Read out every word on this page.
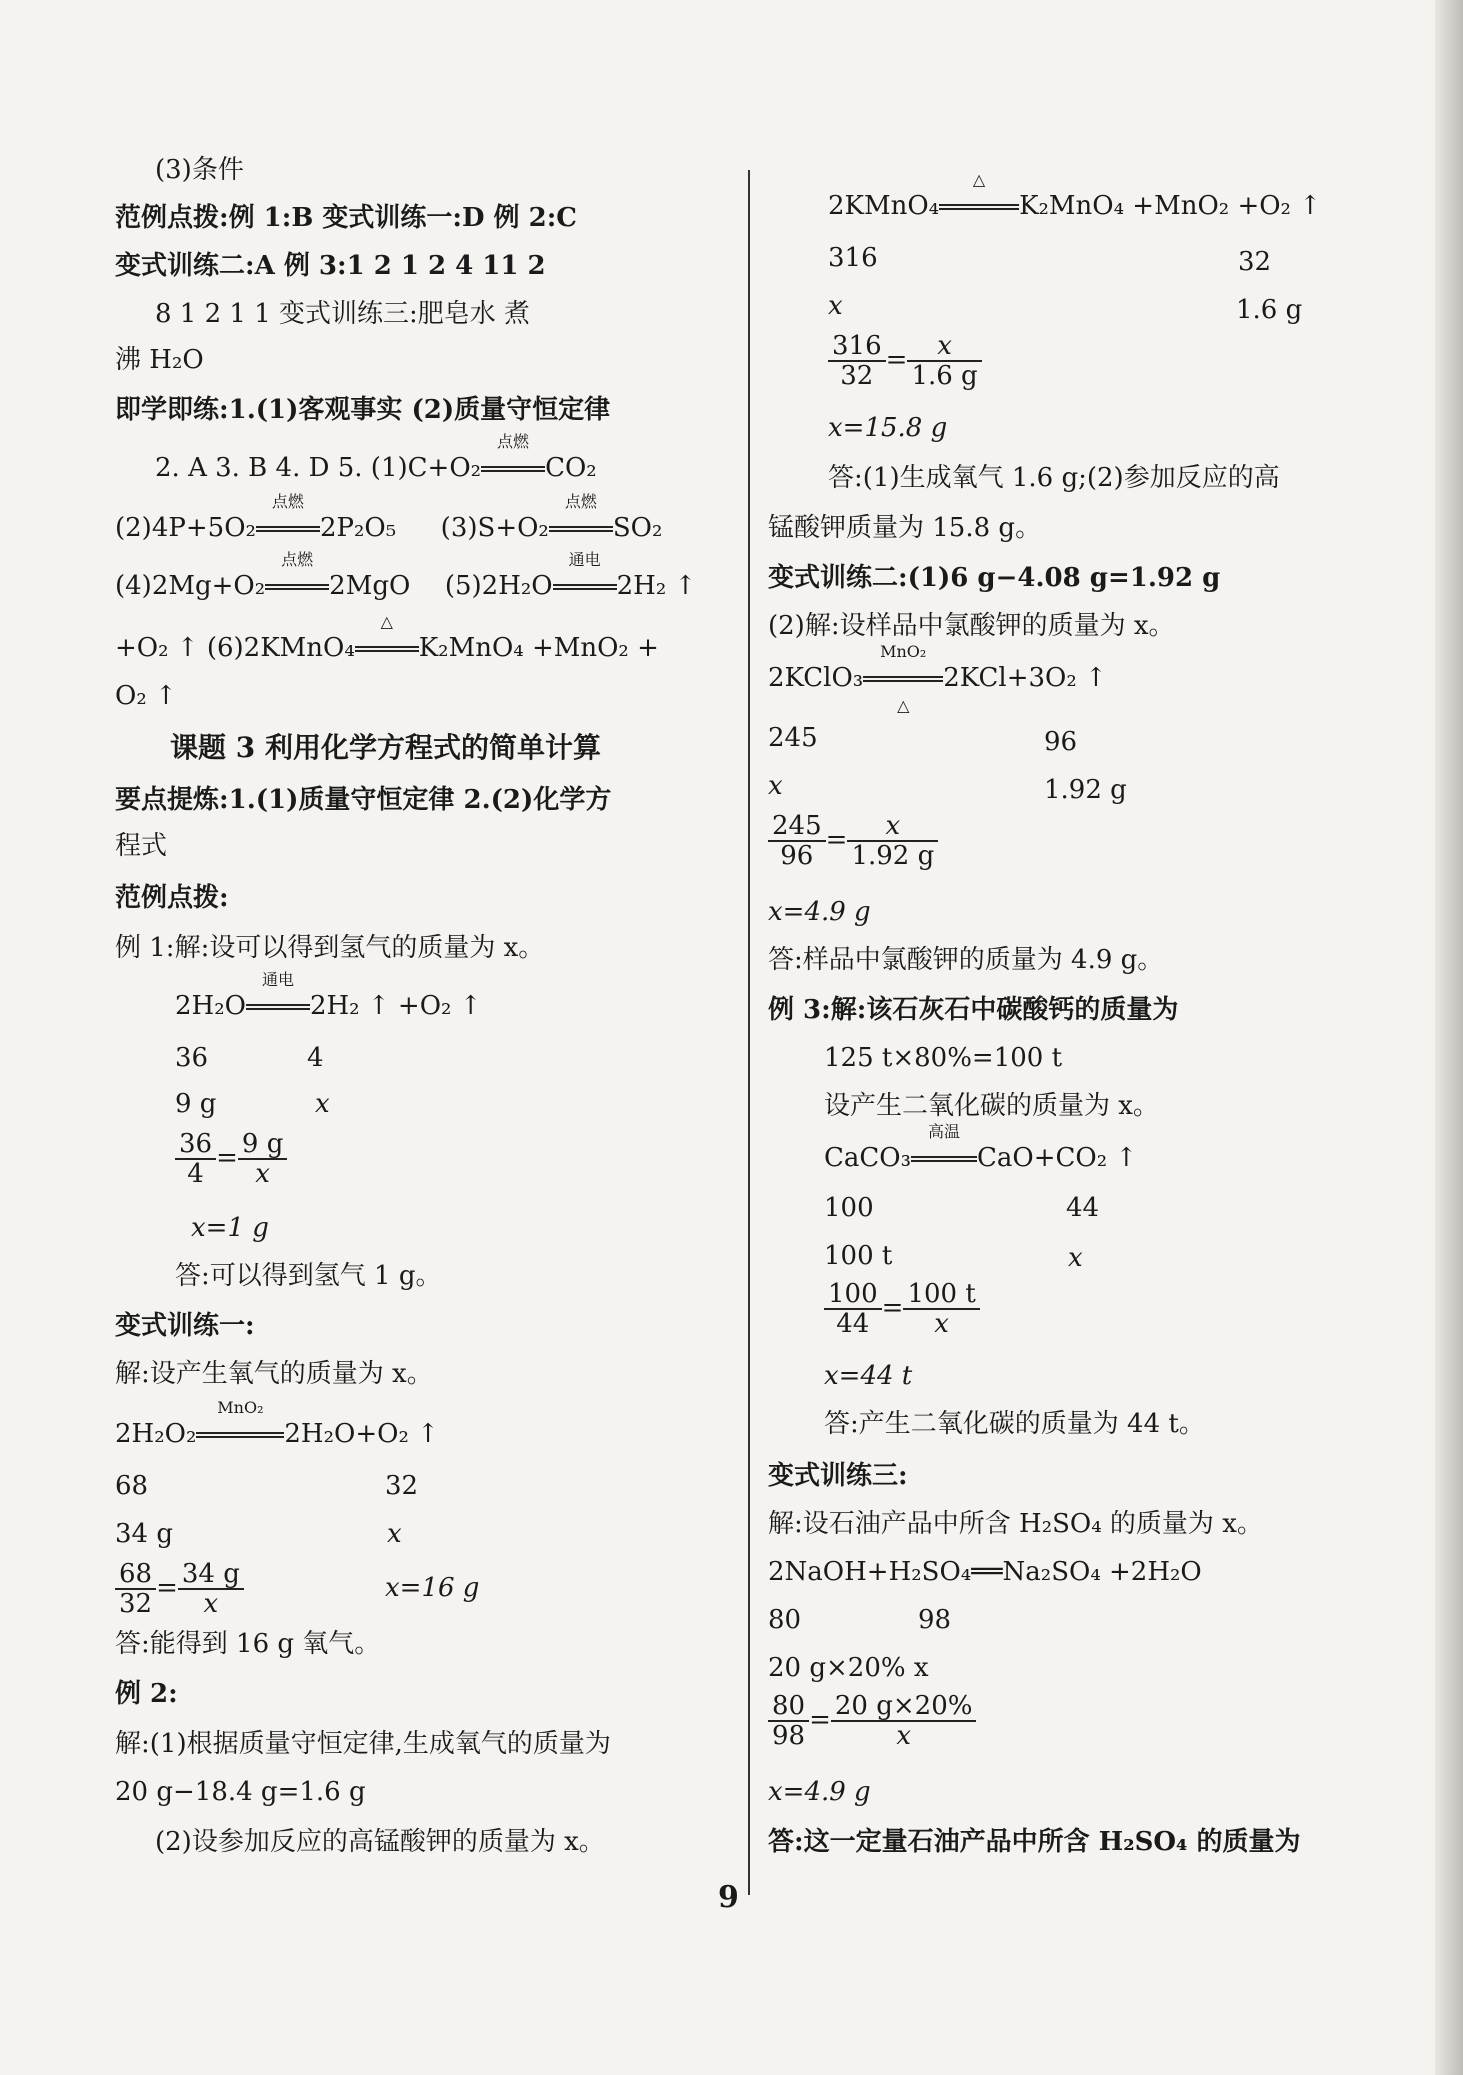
(3)条件
范例点拨:例 1:B 变式训练一:D 例 2:C
变式训练二:A 例 3:1 2 1 2 4 11 2
8 1 2 1 1 变式训练三:肥皂水 煮
沸 H₂O
即学即练:1.(1)客观事实 (2)质量守恒定律
2. A 3. B 4. D 5. (1)C+O₂
点燃
CO₂
(2)4P+5O₂
点燃
2P₂O₅ (3)S+O₂
点燃
SO₂
(4)2Mg+O₂
点燃
2MgO (5)2H₂O
通电
2H₂ ↑
+O₂ ↑ (6)2KMnO₄
△
K₂MnO₄ +MnO₂ +
O₂ ↑
课题 3 利用化学方程式的简单计算
要点提炼:1.(1)质量守恒定律 2.(2)化学方
程式
范例点拨:
例 1:解:设可以得到氢气的质量为 x。
2H₂O
通电
2H₂ ↑ +O₂ ↑
36	4
9 g	x
$\frac{36}{4} = \frac{9 g}{x}$
x=1 g
答:可以得到氢气 1 g。
变式训练一:
解:设产生氧气的质量为 x。
2H₂O₂
MnO₂
2H₂O+O₂ ↑
68	32
34 g	x
$\frac{68}{32} = \frac{34 g}{x}$	x=16 g
答:能得到 16 g 氧气。
例 2:
解:(1)根据质量守恒定律,生成氧气的质量为
20 g−18.4 g=1.6 g
(2)设参加反应的高锰酸钾的质量为 x。
2KMnO₄
△
K₂MnO₄ +MnO₂ +O₂ ↑
316	32
x	1.6 g
$\frac{316}{32} = \frac{x}{1.6 g}$
x=15.8 g
答:(1)生成氧气 1.6 g;(2)参加反应的高
锰酸钾质量为 15.8 g。
变式训练二:(1)6 g−4.08 g=1.92 g
(2)解:设样品中氯酸钾的质量为 x。
2KClO₃
MnO₂
△
2KCl+3O₂ ↑
245	96
x	1.92 g
$\frac{245}{96} = \frac{x}{1.92 g}$
x=4.9 g
答:样品中氯酸钾的质量为 4.9 g。
例 3:解:该石灰石中碳酸钙的质量为
125 t×80%=100 t
设产生二氧化碳的质量为 x。
CaCO₃
高温
CaO+CO₂ ↑
100	44
100 t	x
$\frac{100}{44} = \frac{100 t}{x}$
x=44 t
答:产生二氧化碳的质量为 44 t。
变式训练三:
解:设石油产品中所含 H₂SO₄ 的质量为 x。
2NaOH+H₂SO₄══Na₂SO₄ +2H₂O
80	98
20 g×20% x
$\frac{80}{98} = \frac{20 g\times 20\%}{x}$
x=4.9 g
答:这一定量石油产品中所含 H₂SO₄ 的质量为
9
